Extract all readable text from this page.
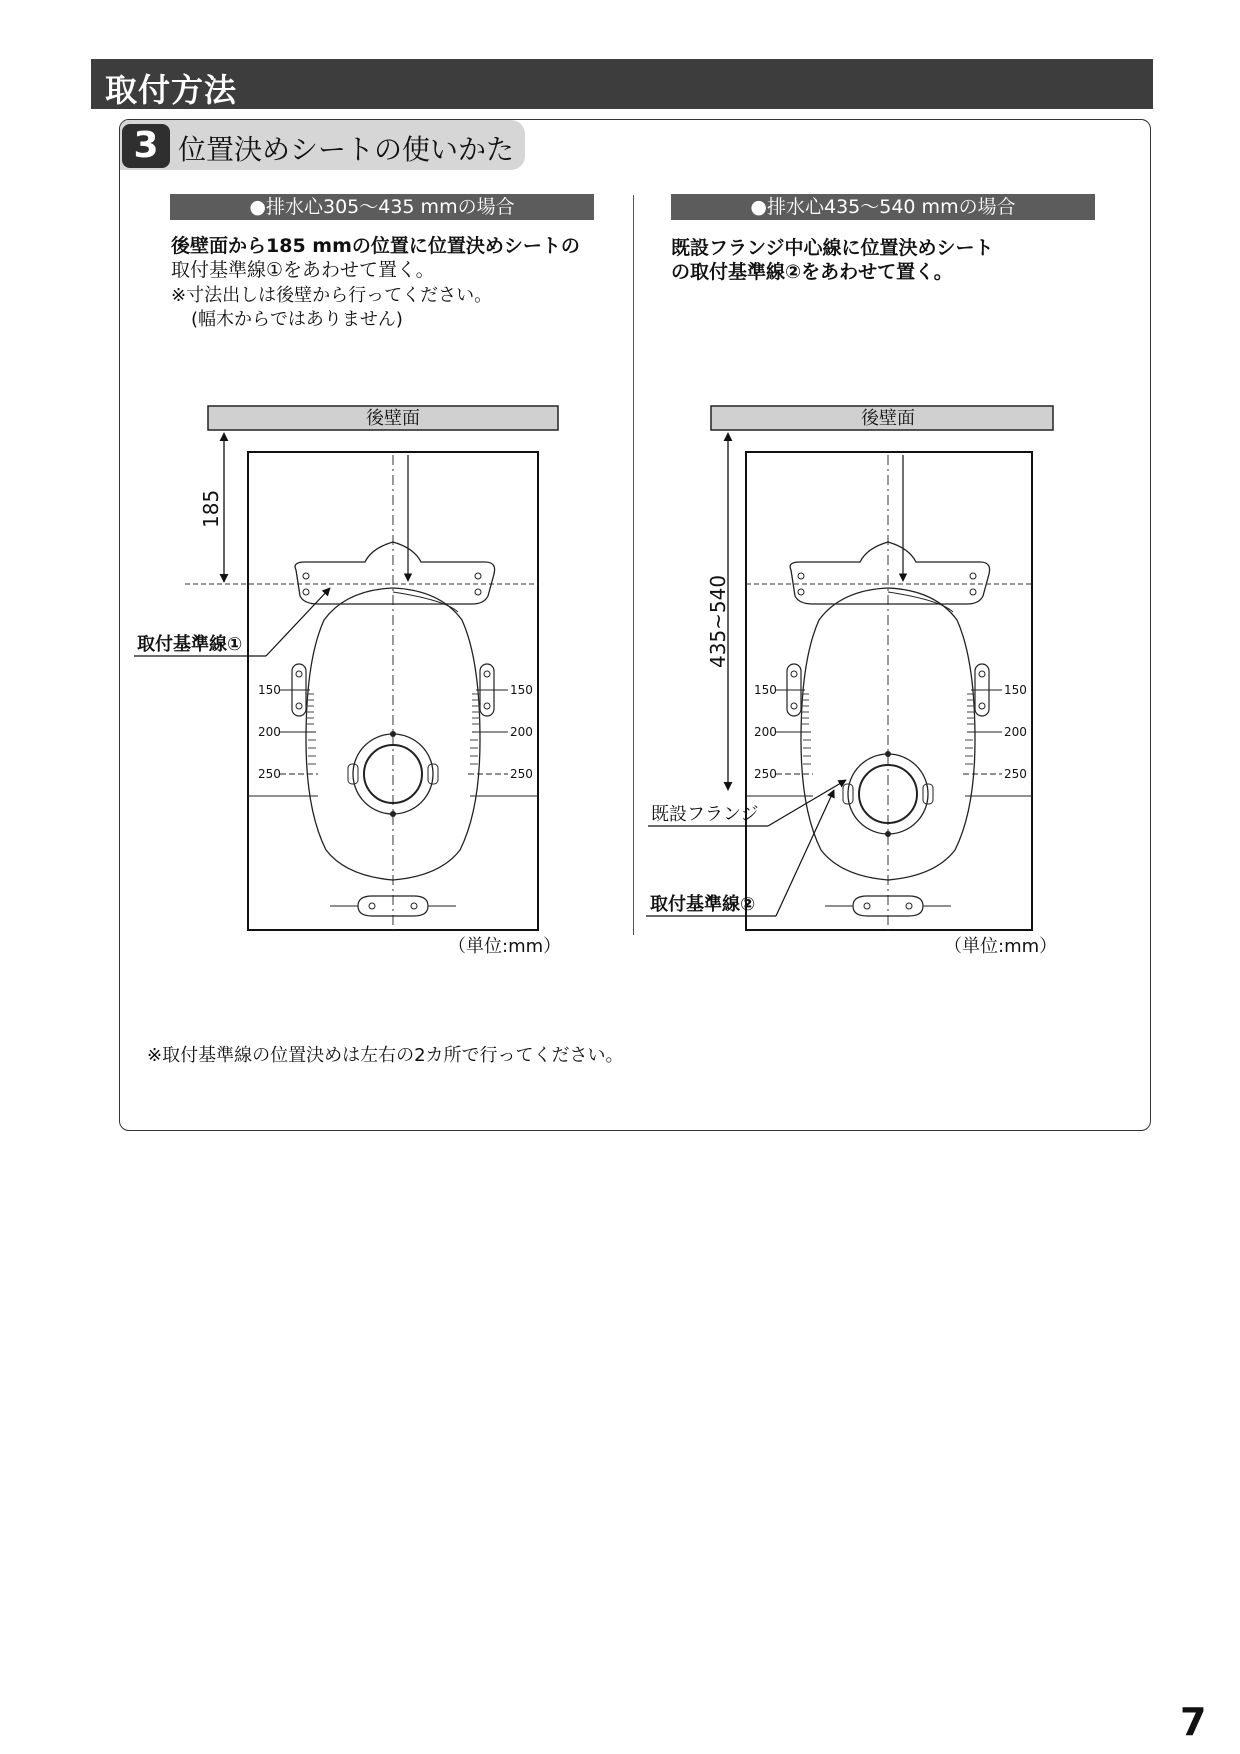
取付方法
3 位置決めシートの使いかた
●排水心305～435 mmの場合
後壁面から185 mmの位置に位置決めシートの
取付基準線①をあわせて置く。
※寸法出しは後壁から行ってください。
(幅木からではありません)
●排水心435～540 mmの場合
既設フランジ中心線に位置決めシート
の取付基準線②をあわせて置く。
後壁面
185
150	150
200	200
250	250
取付基準線①
（単位:mm）
後壁面
435~540
150	150
200	200
250	250
既設フランジ
取付基準線②
（単位:mm）
※取付基準線の位置決めは左右の2カ所で行ってください。
7
